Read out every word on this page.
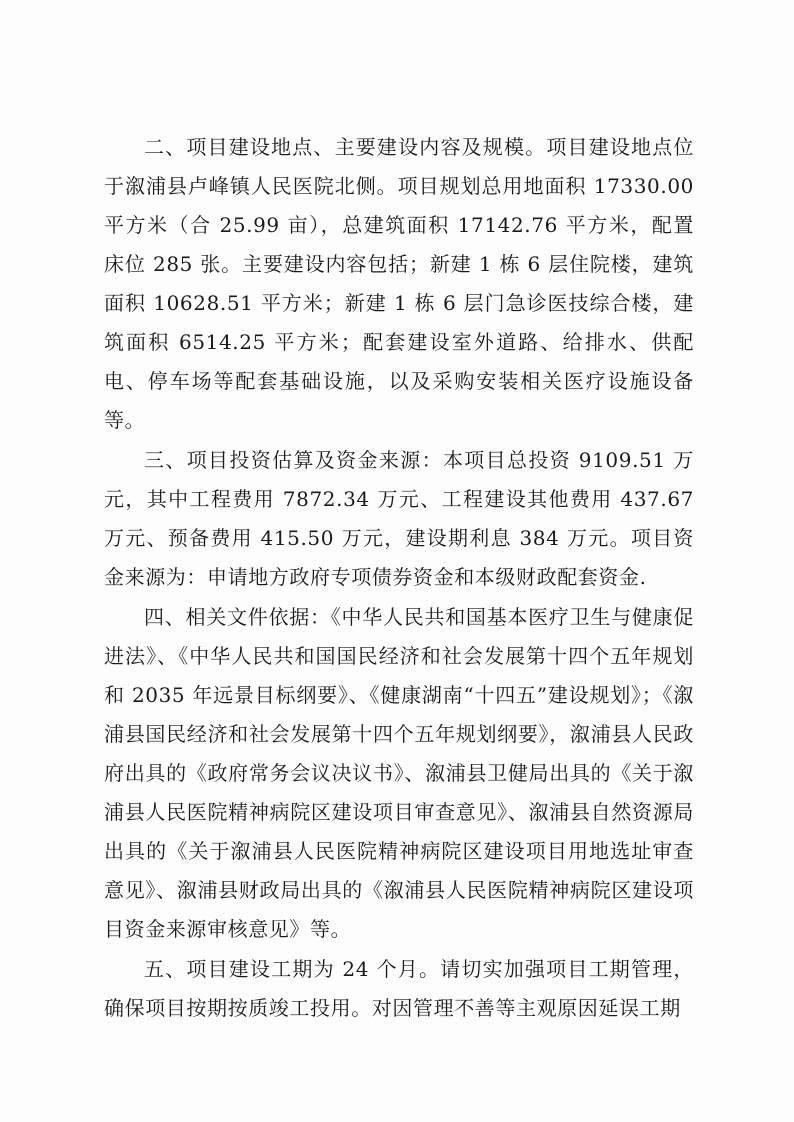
二、项目建设地点、主要建设内容及规模。项目建设地点位于溆浦县卢峰镇人民医院北侧。项目规划总用地面积 17330.00 平方米（合 25.99 亩），总建筑面积 17142.76 平方米，配置床位 285 张。主要建设内容包括；新建 1 栋 6 层住院楼，建筑面积 10628.51 平方米；新建 1 栋 6 层门急诊医技综合楼，建筑面积 6514.25 平方米；配套建设室外道路、给排水、供配电、停车场等配套基础设施，以及采购安装相关医疗设施设备等。

三、项目投资估算及资金来源：本项目总投资 9109.51 万元，其中工程费用 7872.34 万元、工程建设其他费用 437.67 万元、预备费用 415.50 万元，建设期利息 384 万元。项目资金来源为：申请地方政府专项债券资金和本级财政配套资金.

四、相关文件依据：《中华人民共和国基本医疗卫生与健康促进法》、《中华人民共和国国民经济和社会发展第十四个五年规划和 2035 年远景目标纲要》、《健康湖南“十四五”建设规划》；《溆浦县国民经济和社会发展第十四个五年规划纲要》，溆浦县人民政府出具的《政府常务会议决议书》、溆浦县卫健局出具的《关于溆浦县人民医院精神病院区建设项目审查意见》、溆浦县自然资源局出具的《关于溆浦县人民医院精神病院区建设项目用地选址审查意见》、溆浦县财政局出具的《溆浦县人民医院精神病院区建设项目资金来源审核意见》等。

五、项目建设工期为 24 个月。请切实加强项目工期管理，确保项目按期按质竣工投用。对因管理不善等主观原因延误工期
